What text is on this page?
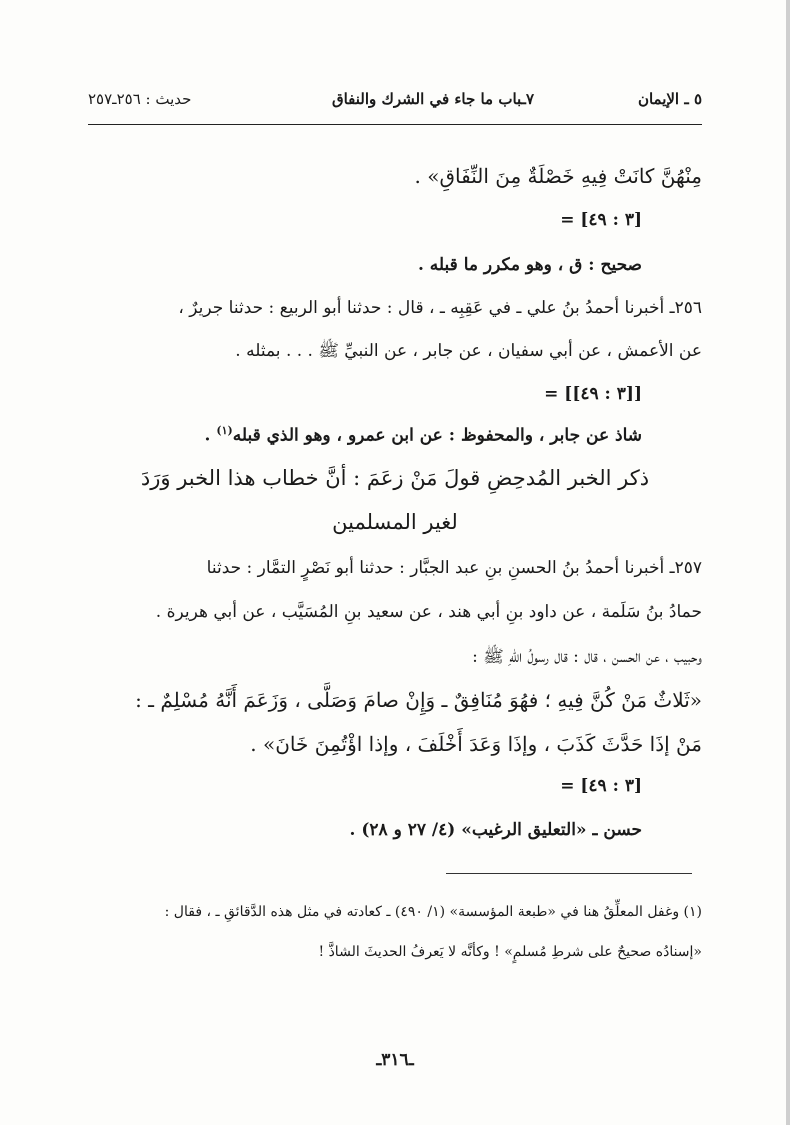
٥ ـ الإيمان
٧ـباب ما جاء في الشرك والنفاق
حديث : ٢٥٦ـ٢٥٧
مِنْهُنَّ كانَتْ فِيهِ خَصْلَةٌ مِنَ النِّفَاقِ» .
= [٣ : ٤٩]
صحيح : ق ، وهو مكرر ما قبله .
٢٥٦ـ أخبرنا أحمدُ بنُ علي ـ في عَقِبِه ـ ، قال : حدثنا أبو الربيع : حدثنا جريرٌ ،
عن الأعمش ، عن أبي سفيان ، عن جابر ، عن النبيِّ ﷺ . . . بمثله .
= [[٣ : ٤٩]]
شاذ عن جابر ، والمحفوظ : عن ابن عمرو ، وهو الذي قبله$^{(١)}$ .
ذكر الخبر المُدحِضِ قولَ مَنْ زعَمَ : أنَّ خطاب هذا الخبر وَرَدَ
لغير المسلمين
٢٥٧ـ أخبرنا أحمدُ بنُ الحسنِ بنِ عبد الجبَّار : حدثنا أبو نَصْرٍ التمَّار : حدثنا
حمادُ بنُ سَلَمة ، عن داود بنِ أبي هند ، عن سعيد بنِ المُسَيَّب ، عن أبي هريرة .
وحبيب ، عن الحسن ، قال : قال رسولُ اللّهِ ﷺ :
«ثَلاثٌ مَنْ كُنَّ فِيهِ ؛ فهُوَ مُنَافِقٌ ـ وَإِنْ صامَ وَصَلَّى ، وَزَعَمَ أَنَّهُ مُسْلِمٌ ـ :
مَنْ إذَا حَدَّثَ كَذَبَ ، وإذَا وَعَدَ أَخْلَفَ ، وإذا اؤْتُمِنَ خَانَ» .
= [٣ : ٤٩]
حسن ـ «التعليق الرغيب» (٤/ ٢٧ و ٢٨) .
(١) وغفل المعلِّقُ هنا في «طبعة المؤسسة» (١/ ٤٩٠) ـ كعادته في مثل هذه الدَّقائقِ ـ ، فقال :
«إسنادُه صحيحٌ على شرطِ مُسلمٍ» ! وكأنَّه لا يَعرفُ الحديثَ الشاذَّ !
ـ٣١٦ـ
